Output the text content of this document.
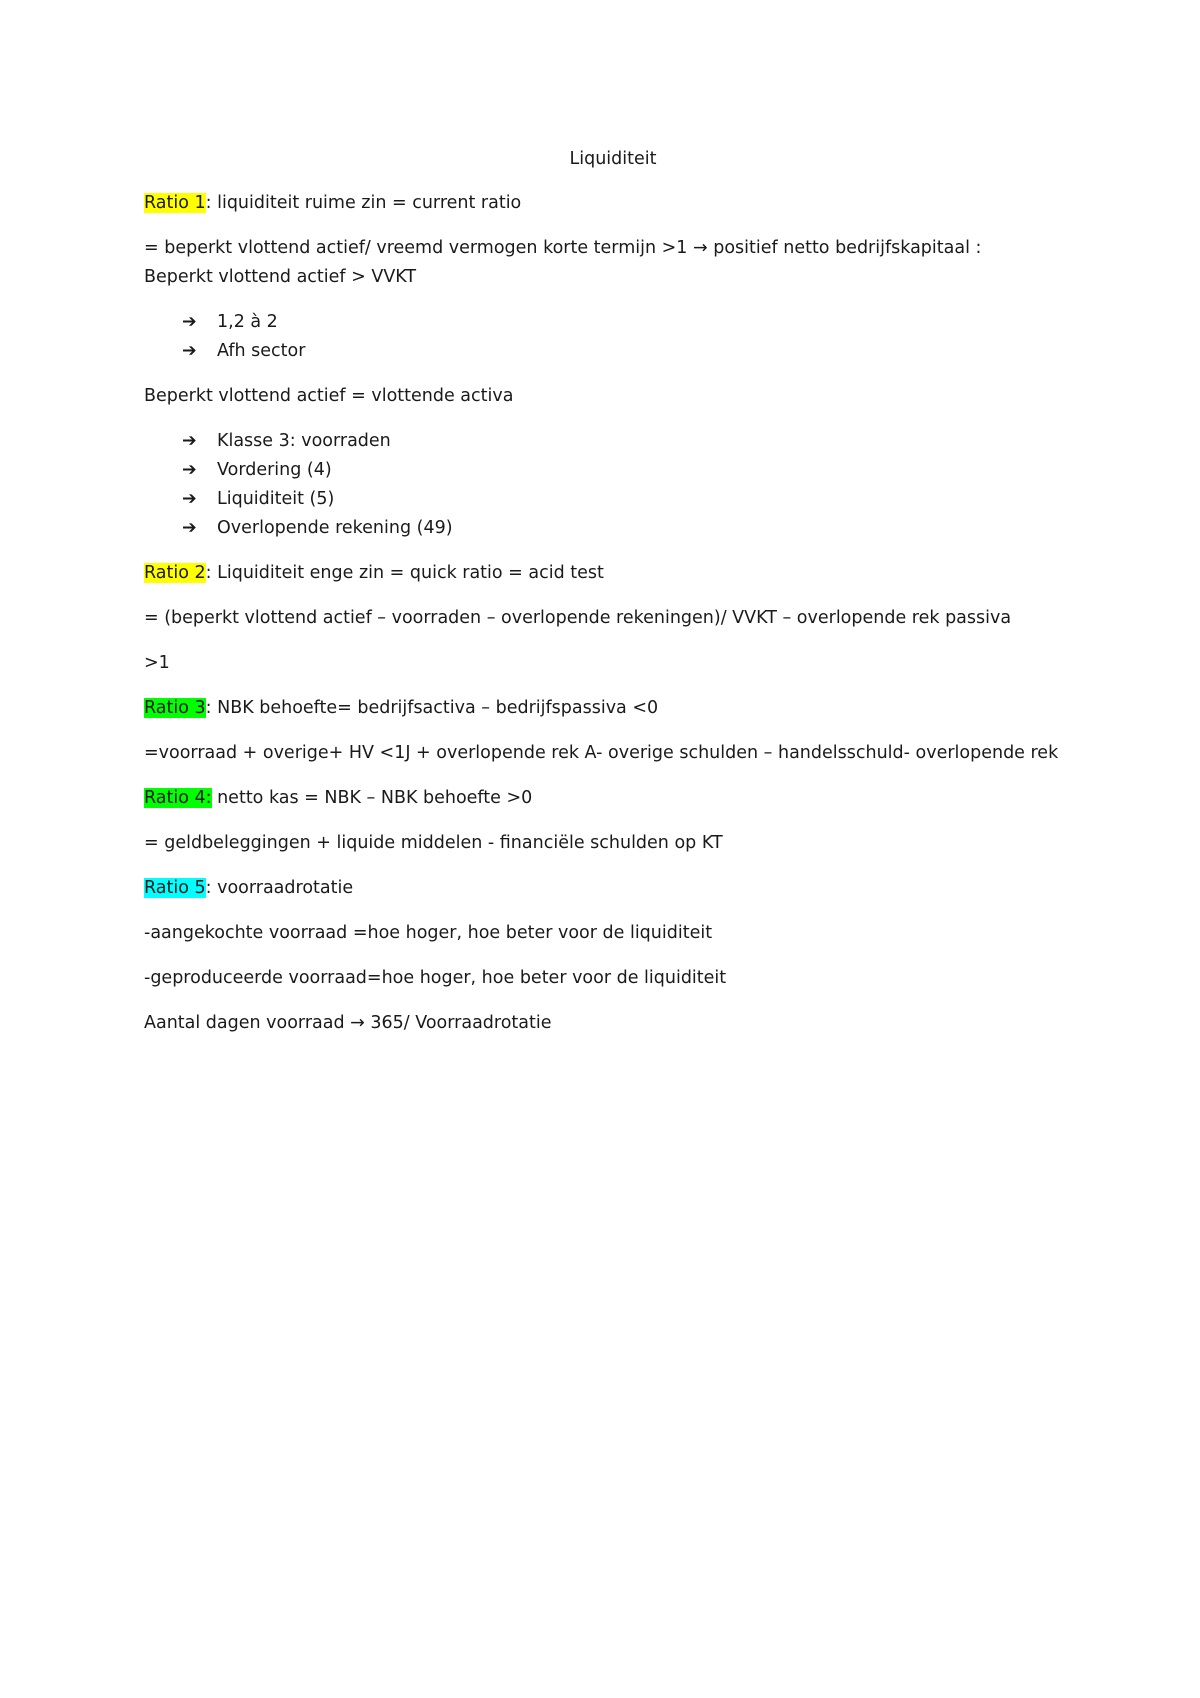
Liquiditeit

Ratio 1: liquiditeit ruime zin = current ratio

= beperkt vlottend actief/ vreemd vermogen korte termijn >1 → positief netto bedrijfskapitaal :
Beperkt vlottend actief > VVKT

➔ 1,2 à 2
➔ Afh sector

Beperkt vlottend actief = vlottende activa

➔ Klasse 3: voorraden
➔ Vordering (4)
➔ Liquiditeit (5)
➔ Overlopende rekening (49)

Ratio 2: Liquiditeit enge zin = quick ratio = acid test

= (beperkt vlottend actief – voorraden – overlopende rekeningen)/ VVKT – overlopende rek passiva

>1

Ratio 3: NBK behoefte= bedrijfsactiva – bedrijfspassiva <0

=voorraad + overige+ HV <1J + overlopende rek A- overige schulden – handelsschuld- overlopende rek

Ratio 4: netto kas = NBK – NBK behoefte >0

= geldbeleggingen + liquide middelen - financiële schulden op KT

Ratio 5: voorraadrotatie

-aangekochte voorraad =hoe hoger, hoe beter voor de liquiditeit

-geproduceerde voorraad=hoe hoger, hoe beter voor de liquiditeit

Aantal dagen voorraad → 365/ Voorraadrotatie
